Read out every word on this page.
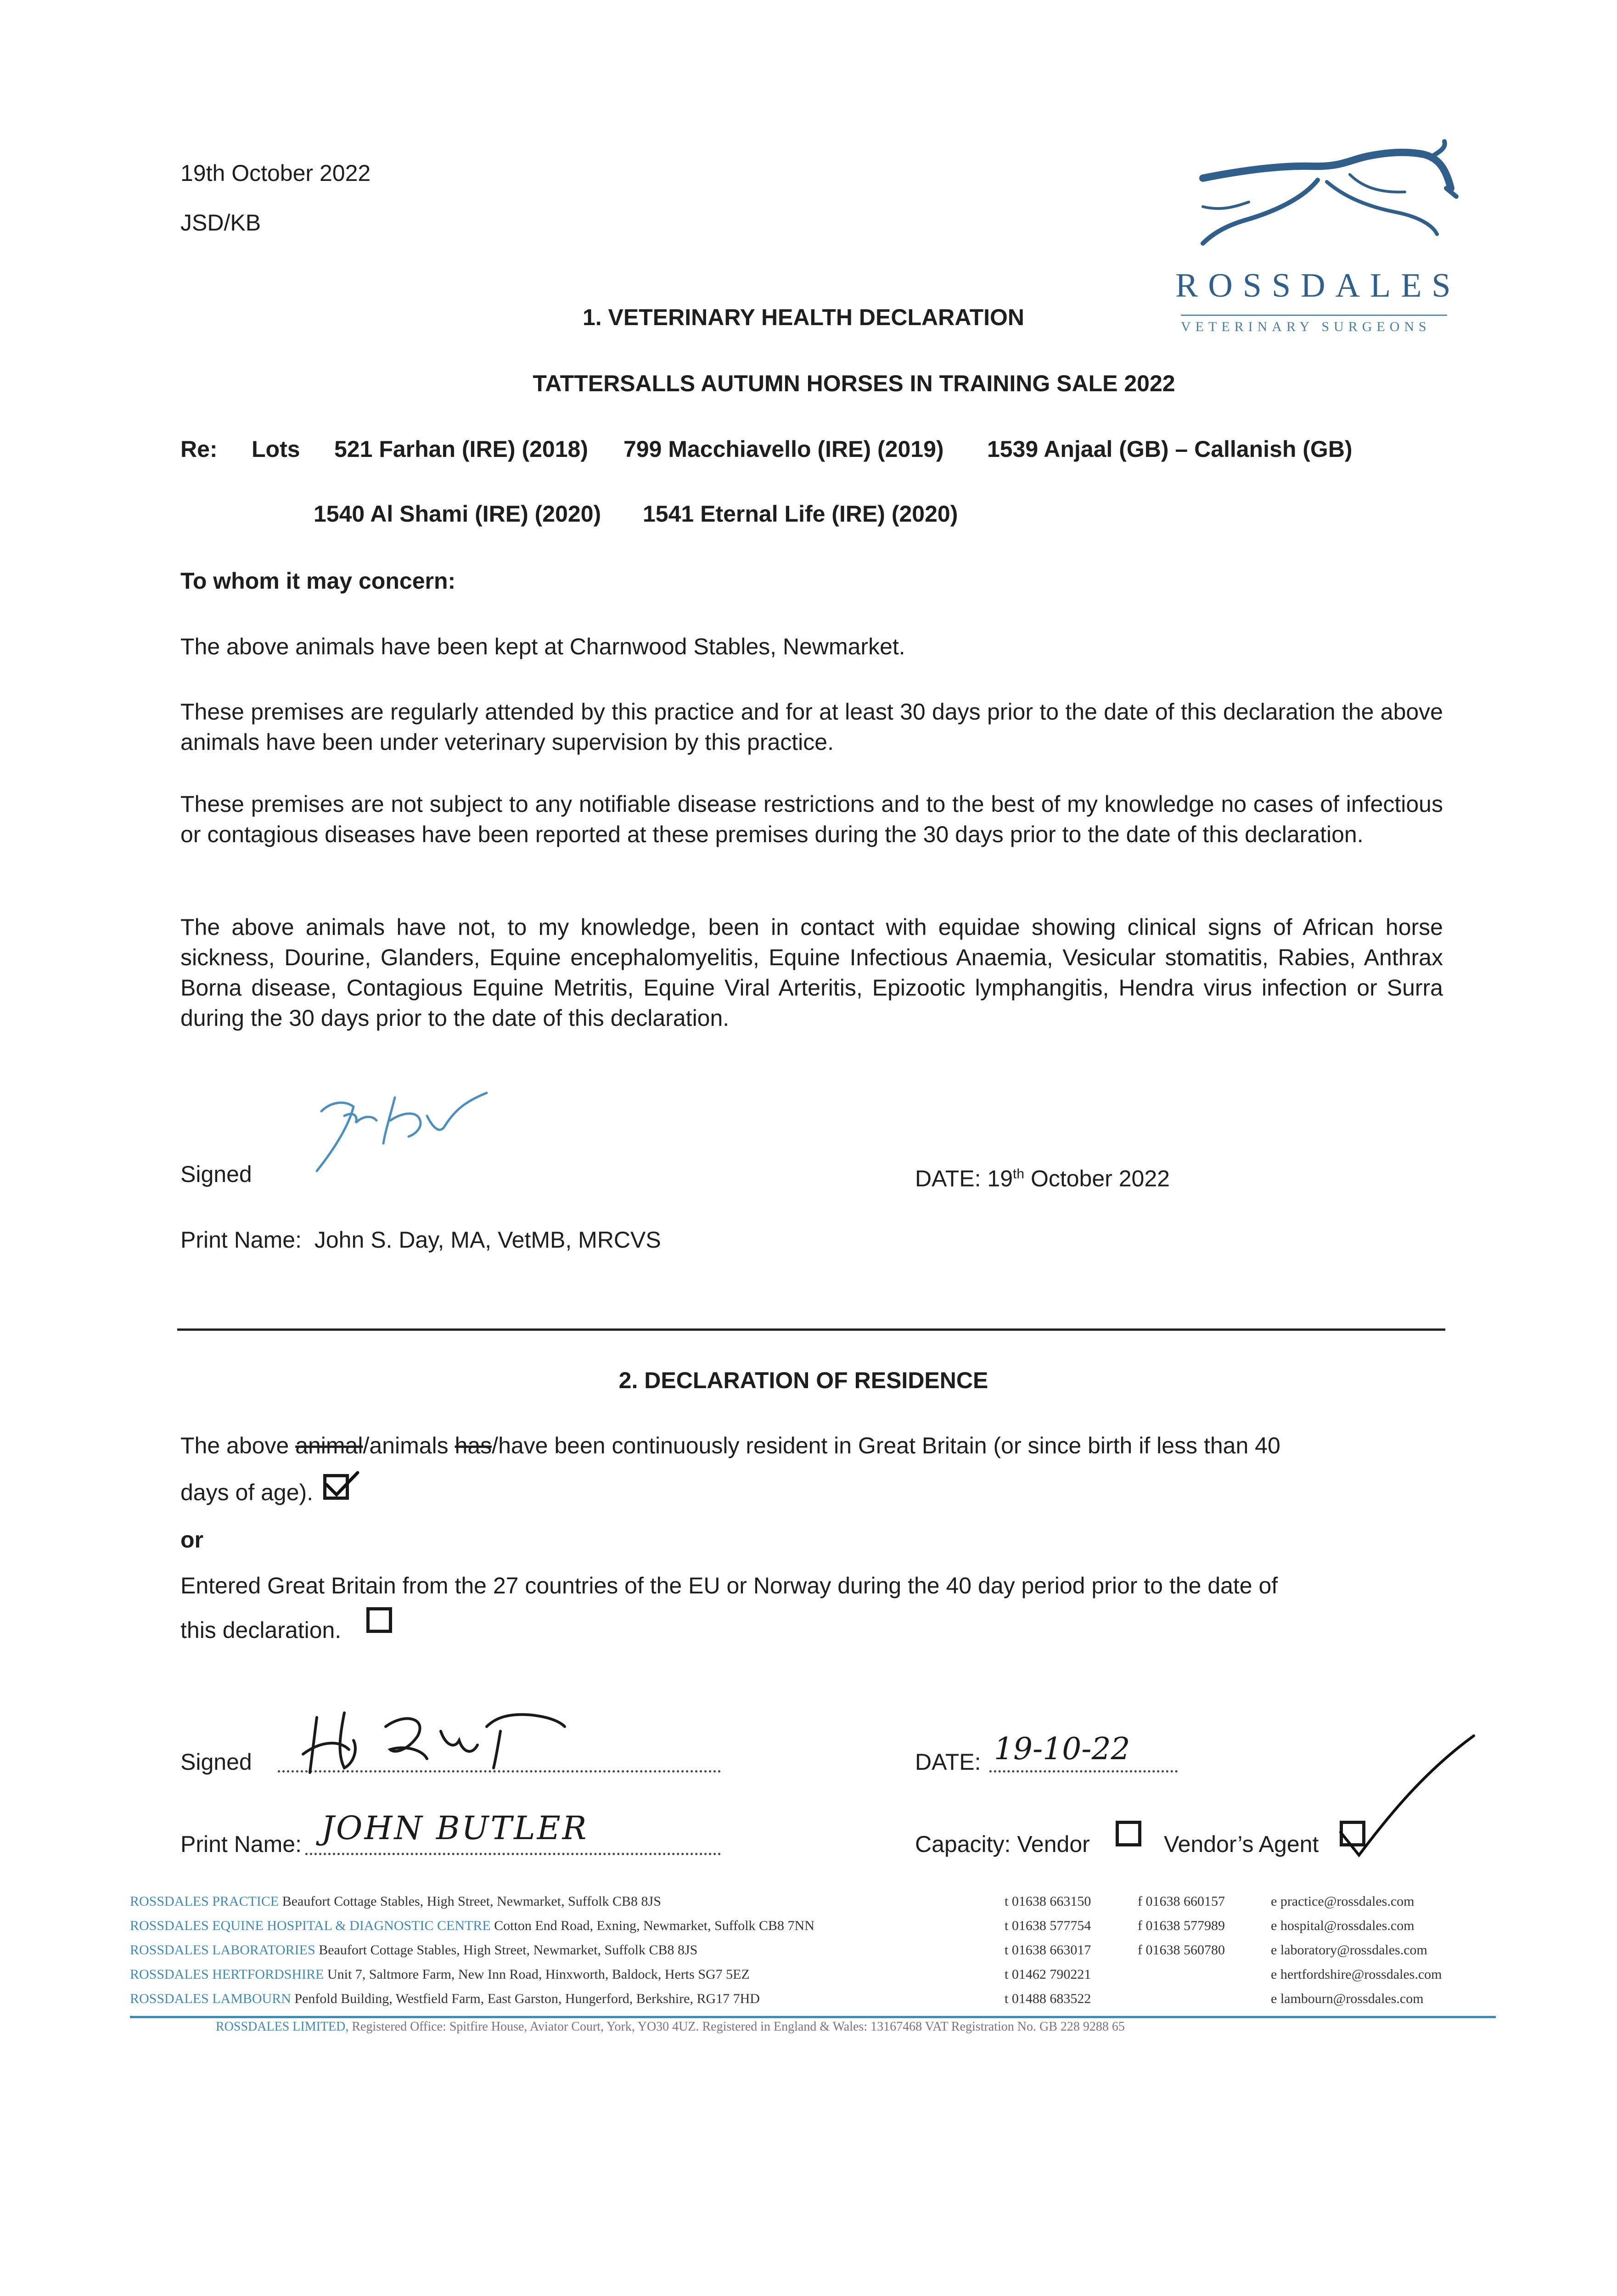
19th October 2022
JSD/KB
ROSSDALES
VETERINARY SURGEONS
1. VETERINARY HEALTH DECLARATION
TATTERSALLS AUTUMN HORSES IN TRAINING SALE 2022
Re: Lots 521 Farhan (IRE) (2018) 799 Macchiavello (IRE) (2019) 1539 Anjaal (GB) – Callanish (GB)
1540 Al Shami (IRE) (2020) 1541 Eternal Life (IRE) (2020)
To whom it may concern:
The above animals have been kept at Charnwood Stables, Newmarket.
These premises are regularly attended by this practice and for at least 30 days prior to the date of this declaration the above animals have been under veterinary supervision by this practice.
These premises are not subject to any notifiable disease restrictions and to the best of my knowledge no cases of infectious or contagious diseases have been reported at these premises during the 30 days prior to the date of this declaration.
The above animals have not, to my knowledge, been in contact with equidae showing clinical signs of African horse sickness, Dourine, Glanders, Equine encephalomyelitis, Equine Infectious Anaemia, Vesicular stomatitis, Rabies, Anthrax Borna disease, Contagious Equine Metritis, Equine Viral Arteritis, Epizootic lymphangitis, Hendra virus infection or Surra during the 30 days prior to the date of this declaration.
Signed	DATE: 19th October 2022
Print Name: John S. Day, MA, VetMB, MRCVS
2. DECLARATION OF RESIDENCE
The above animal/animals has/have been continuously resident in Great Britain (or since birth if less than 40
days of age).
or
Entered Great Britain from the 27 countries of the EU or Norway during the 40 day period prior to the date of
this declaration.
Signed	DATE: 19-10-22
Print Name: JOHN BUTLER	Capacity: Vendor	Vendor’s Agent
ROSSDALES PRACTICE Beaufort Cottage Stables, High Street, Newmarket, Suffolk CB8 8JS	t 01638 663150	f 01638 660157	e practice@rossdales.com
ROSSDALES EQUINE HOSPITAL & DIAGNOSTIC CENTRE Cotton End Road, Exning, Newmarket, Suffolk CB8 7NN	t 01638 577754	f 01638 577989	e hospital@rossdales.com
ROSSDALES LABORATORIES Beaufort Cottage Stables, High Street, Newmarket, Suffolk CB8 8JS	t 01638 663017	f 01638 560780	e laboratory@rossdales.com
ROSSDALES HERTFORDSHIRE Unit 7, Saltmore Farm, New Inn Road, Hinxworth, Baldock, Herts SG7 5EZ	t 01462 790221	e hertfordshire@rossdales.com
ROSSDALES LAMBOURN Penfold Building, Westfield Farm, East Garston, Hungerford, Berkshire, RG17 7HD	t 01488 683522	e lambourn@rossdales.com
ROSSDALES LIMITED, Registered Office: Spitfire House, Aviator Court, York, YO30 4UZ. Registered in England & Wales: 13167468 VAT Registration No. GB 228 9288 65
